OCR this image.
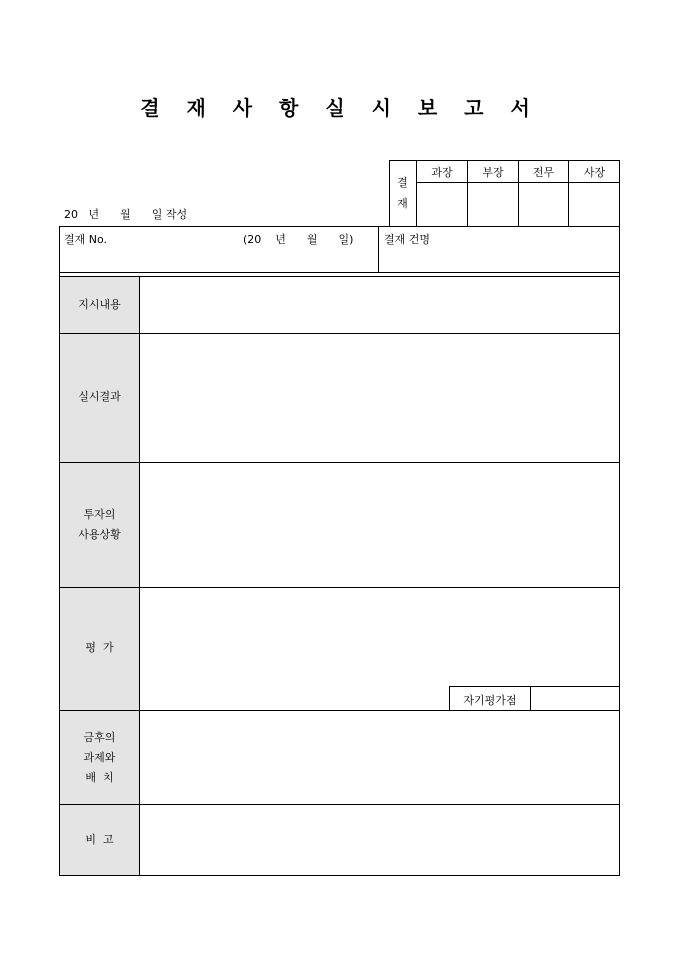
결 재 사 항 실 시 보 고 서
20   년      월      일 작성
결
재
과장	부장	전무	사장
결재 No.	(20    년      월      일)	결재 건명
자기평가점
지시내용
실시결과
투자의
사용상황
평  가
금후의
과제와
배  치
비  고
